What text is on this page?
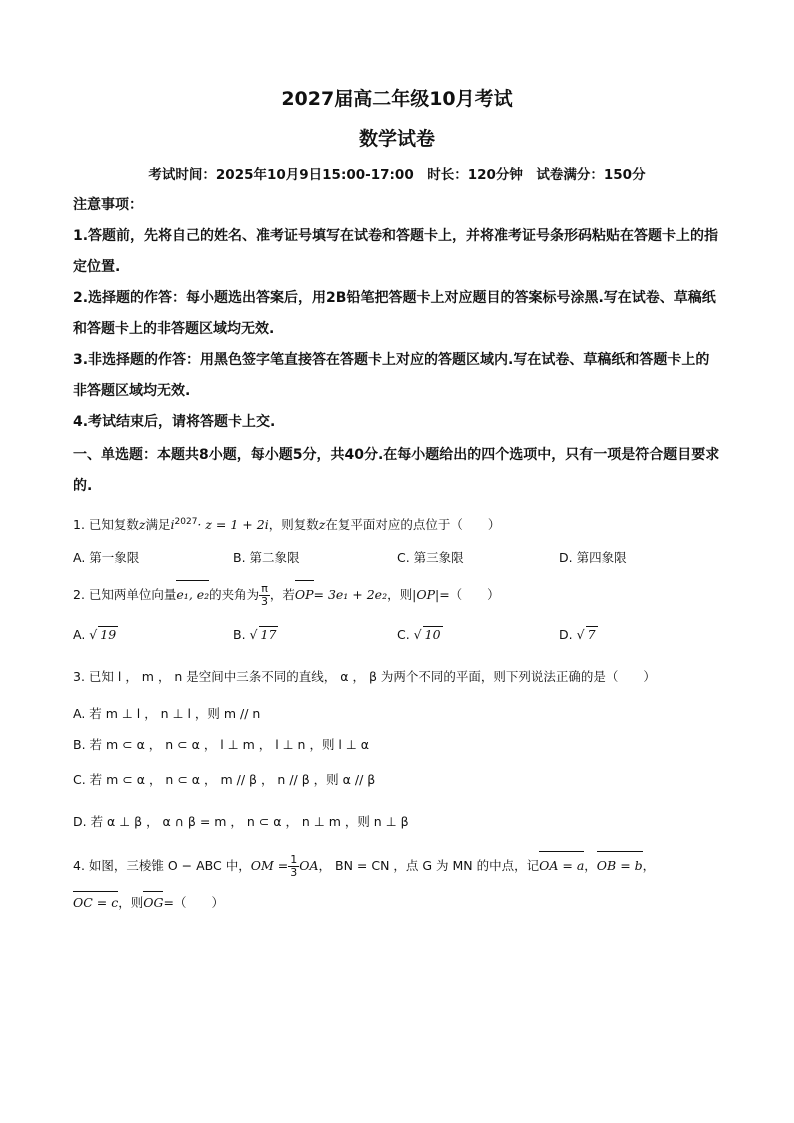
2027届高二年级10月考试
数学试卷
考试时间：2025年10月9日15:00-17:00　时长：120分钟　试卷满分：150分
注意事项：
1.答题前，先将自己的姓名、准考证号填写在试卷和答题卡上，并将准考证号条形码粘贴在答题卡上的指定位置.
2.选择题的作答：每小题选出答案后，用2B铅笔把答题卡上对应题目的答案标号涂黑.写在试卷、草稿纸和答题卡上的非答题区域均无效.
3.非选择题的作答：用黑色签字笔直接答在答题卡上对应的答题区域内.写在试卷、草稿纸和答题卡上的非答题区域均无效.
4.考试结束后，请将答题卡上交.
一、单选题：本题共8小题，每小题5分，共40分.在每小题给出的四个选项中，只有一项是符合题目要求的.
1. 已知复数z满足$i^{2027}\cdot z = 1 + 2i$，则复数z在复平面对应的点位于（　　）
A. 第一象限	B. 第二象限	C. 第三象限	D. 第四象限
2. 已知两单位向量e₁, e₂的夹角为 $\frac{\pi}{3}$ ，若OP= 3e₁ + 2e₂，则|OP|=（　　）
A. √ 19	B. √ 17	C. √ 10	D. √ 7
3. 已知 l ， m ， n 是空间中三条不同的直线， α ， β 为两个不同的平面，则下列说法正确的是（　　）
A. 若 m ⊥ l ， n ⊥ l ，则 m // n
B. 若 m ⊂ α ， n ⊂ α ， l ⊥ m ， l ⊥ n ，则 l ⊥ α
C. 若 m ⊂ α ， n ⊂ α ， m // β ， n // β ，则 α // β
D. 若 α ⊥ β ， α ∩ β = m ， n ⊂ α ， n ⊥ m ，则 n ⊥ β
4. 如图，三棱锥 O − ABC 中，OM = $\frac{1}{3}$ OA， BN = CN ，点 G 为 MN 的中点，记OA = a，OB = b，
OC = c，则OG=（　　）
